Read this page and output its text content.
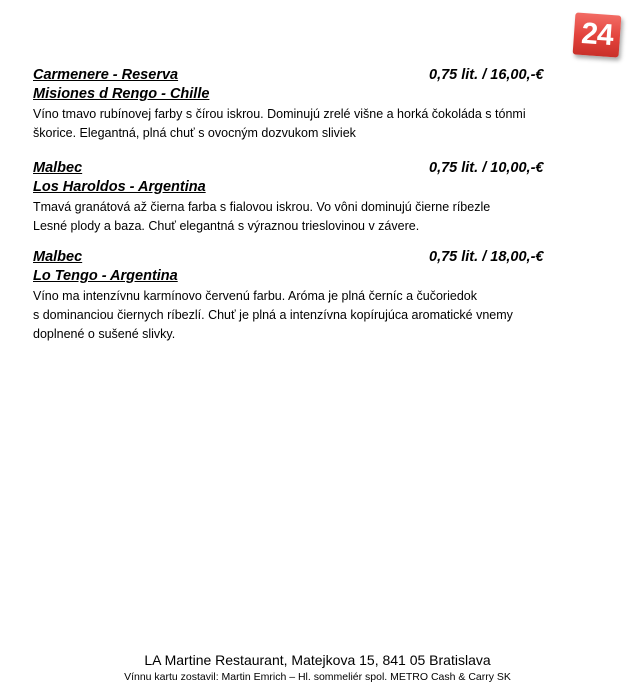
24
Carmenere - Reserva	0,75 lit. / 16,00,-€
Misiones d Rengo - Chille
Víno tmavo rubínovej farby s čírou iskrou. Dominujú zrelé višne a horká čokoláda s tónmi
škorice. Elegantná, plná chuť s ovocným dozvukom sliviek
Malbec	0,75 lit. / 10,00,-€
Los Haroldos - Argentina
Tmavá granátová až čierna farba s fialovou iskrou. Vo vôni dominujú čierne ríbezle
Lesné plody a baza. Chuť elegantná s výraznou trieslovinou v závere.
Malbec	0,75 lit. / 18,00,-€
Lo Tengo - Argentina
Víno ma intenzívnu karmínovo červenú farbu. Aróma je plná černíc a čučoriedok
s dominanciou čiernych ríbezlí. Chuť je plná a intenzívna kopírujúca aromatické vnemy
doplnené o sušené slivky.
LA Martine Restaurant, Matejkova 15, 841 05 Bratislava
Vínnu kartu zostavil: Martin Emrich – Hl. sommeliér spol. METRO Cash & Carry SK
